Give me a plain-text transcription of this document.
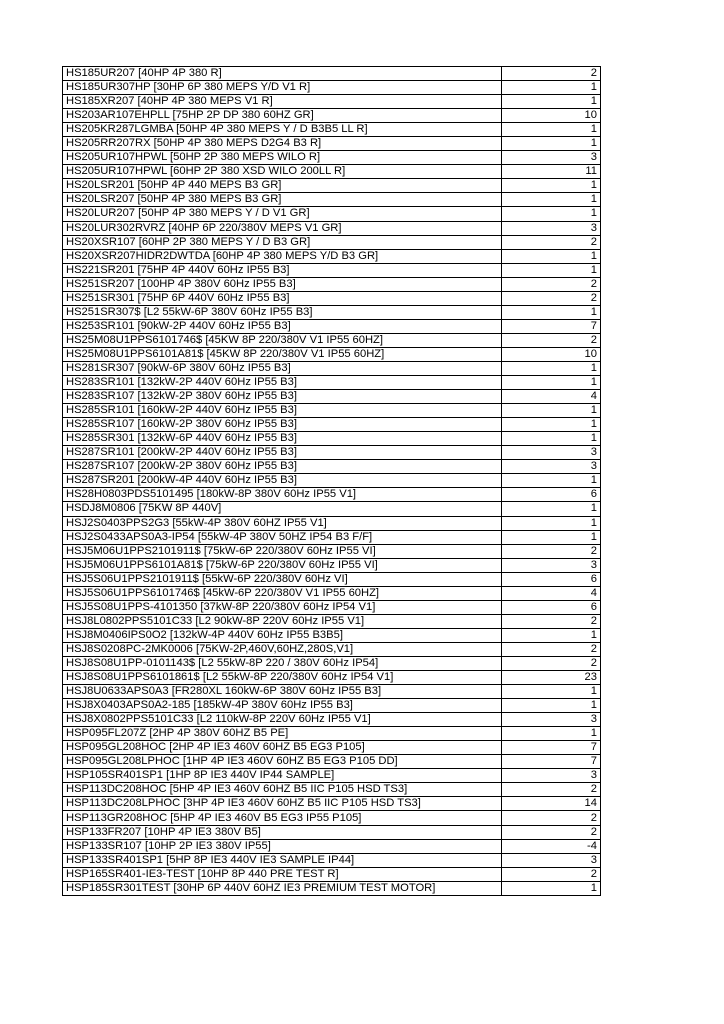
HS185UR207 [40HP 4P 380 R]	2
HS185UR307HP [30HP 6P 380 MEPS Y/D V1 R]	1
HS185XR207 [40HP 4P 380 MEPS V1 R]	1
HS203AR107EHPLL [75HP 2P DP 380 60HZ GR]	10
HS205KR287LGMBA [50HP 4P 380 MEPS Y / D B3B5 LL R]	1
HS205RR207RX [50HP 4P 380 MEPS D2G4 B3 R]	1
HS205UR107HPWL [50HP 2P 380 MEPS WILO R]	3
HS205UR107HPWL [60HP 2P 380 XSD WILO 200LL R]	11
HS20LSR201 [50HP 4P 440 MEPS B3 GR]	1
HS20LSR207 [50HP 4P 380 MEPS B3 GR]	1
HS20LUR207 [50HP 4P 380 MEPS Y / D V1 GR]	1
HS20LUR302RVRZ [40HP 6P 220/380V MEPS V1 GR]	3
HS20XSR107 [60HP 2P 380 MEPS Y / D B3 GR]	2
HS20XSR207HIDR2DWTDA [60HP 4P 380 MEPS Y/D B3 GR]	1
HS221SR201 [75HP 4P 440V 60Hz IP55 B3]	1
HS251SR207 [100HP 4P 380V 60Hz IP55 B3]	2
HS251SR301 [75HP 6P 440V 60Hz IP55 B3]	2
HS251SR307$ [L2 55kW-6P 380V 60Hz IP55 B3]	1
HS253SR101 [90kW-2P 440V 60Hz IP55 B3]	7
HS25M08U1PPS6101746$ [45KW 8P 220/380V V1 IP55 60HZ]	2
HS25M08U1PPS6101A81$ [45KW 8P 220/380V V1 IP55 60HZ]	10
HS281SR307 [90kW-6P 380V 60Hz IP55 B3]	1
HS283SR101 [132kW-2P 440V 60Hz IP55 B3]	1
HS283SR107 [132kW-2P 380V 60Hz IP55 B3]	4
HS285SR101 [160kW-2P 440V 60Hz IP55 B3]	1
HS285SR107 [160kW-2P 380V 60Hz IP55 B3]	1
HS285SR301 [132kW-6P 440V 60Hz IP55 B3]	1
HS287SR101 [200kW-2P 440V 60Hz IP55 B3]	3
HS287SR107 [200kW-2P 380V 60Hz IP55 B3]	3
HS287SR201 [200kW-4P 440V 60Hz IP55 B3]	1
HS28H0803PDS5101495 [180kW-8P 380V 60Hz IP55 V1]	6
HSDJ8M0806 [75KW 8P 440V]	1
HSJ2S0403PPS2G3 [55kW-4P 380V 60HZ IP55 V1]	1
HSJ2S0433APS0A3-IP54 [55kW-4P 380V 50HZ IP54 B3 F/F]	1
HSJ5M06U1PPS2101911$ [75kW-6P 220/380V 60Hz IP55 VI]	2
HSJ5M06U1PPS6101A81$ [75kW-6P 220/380V 60Hz IP55 VI]	3
HSJ5S06U1PPS2101911$ [55kW-6P 220/380V 60Hz VI]	6
HSJ5S06U1PPS6101746$ [45kW-6P 220/380V V1 IP55 60HZ]	4
HSJ5S08U1PPS-4101350 [37kW-8P 220/380V 60Hz IP54 V1]	6
HSJ8L0802PPS5101C33 [L2 90kW-8P 220V 60Hz IP55 V1]	2
HSJ8M0406IPS0O2 [132kW-4P 440V 60Hz IP55 B3B5]	1
HSJ8S0208PC-2MK0006 [75KW-2P,460V,60HZ,280S,V1]	2
HSJ8S08U1PP-0101143$ [L2 55kW-8P 220 / 380V 60Hz IP54]	2
HSJ8S08U1PPS6101861$ [L2 55kW-8P 220/380V 60Hz IP54 V1]	23
HSJ8U0633APS0A3 [FR280XL 160kW-6P 380V 60Hz IP55 B3]	1
HSJ8X0403APS0A2-185 [185kW-4P 380V 60Hz IP55 B3]	1
HSJ8X0802PPS5101C33 [L2 110kW-8P 220V 60Hz IP55 V1]	3
HSP095FL207Z [2HP 4P 380V 60HZ B5 PE]	1
HSP095GL208HOC [2HP 4P IE3 460V 60HZ B5 EG3 P105]	7
HSP095GL208LPHOC [1HP 4P IE3 460V 60HZ B5 EG3 P105 DD]	7
HSP105SR401SP1 [1HP 8P IE3 440V IP44 SAMPLE]	3
HSP113DC208HOC [5HP 4P IE3 460V 60HZ B5 IIC P105 HSD TS3]	2
HSP113DC208LPHOC [3HP 4P IE3 460V 60HZ B5 IIC P105 HSD TS3]	14
HSP113GR208HOC [5HP 4P IE3 460V B5 EG3 IP55 P105]	2
HSP133FR207 [10HP 4P IE3 380V B5]	2
HSP133SR107 [10HP 2P IE3 380V IP55]	-4
HSP133SR401SP1 [5HP 8P IE3 440V IE3 SAMPLE IP44]	3
HSP165SR401-IE3-TEST [10HP 8P 440 PRE TEST R]	2
HSP185SR301TEST [30HP 6P 440V 60HZ IE3 PREMIUM TEST MOTOR]	1
